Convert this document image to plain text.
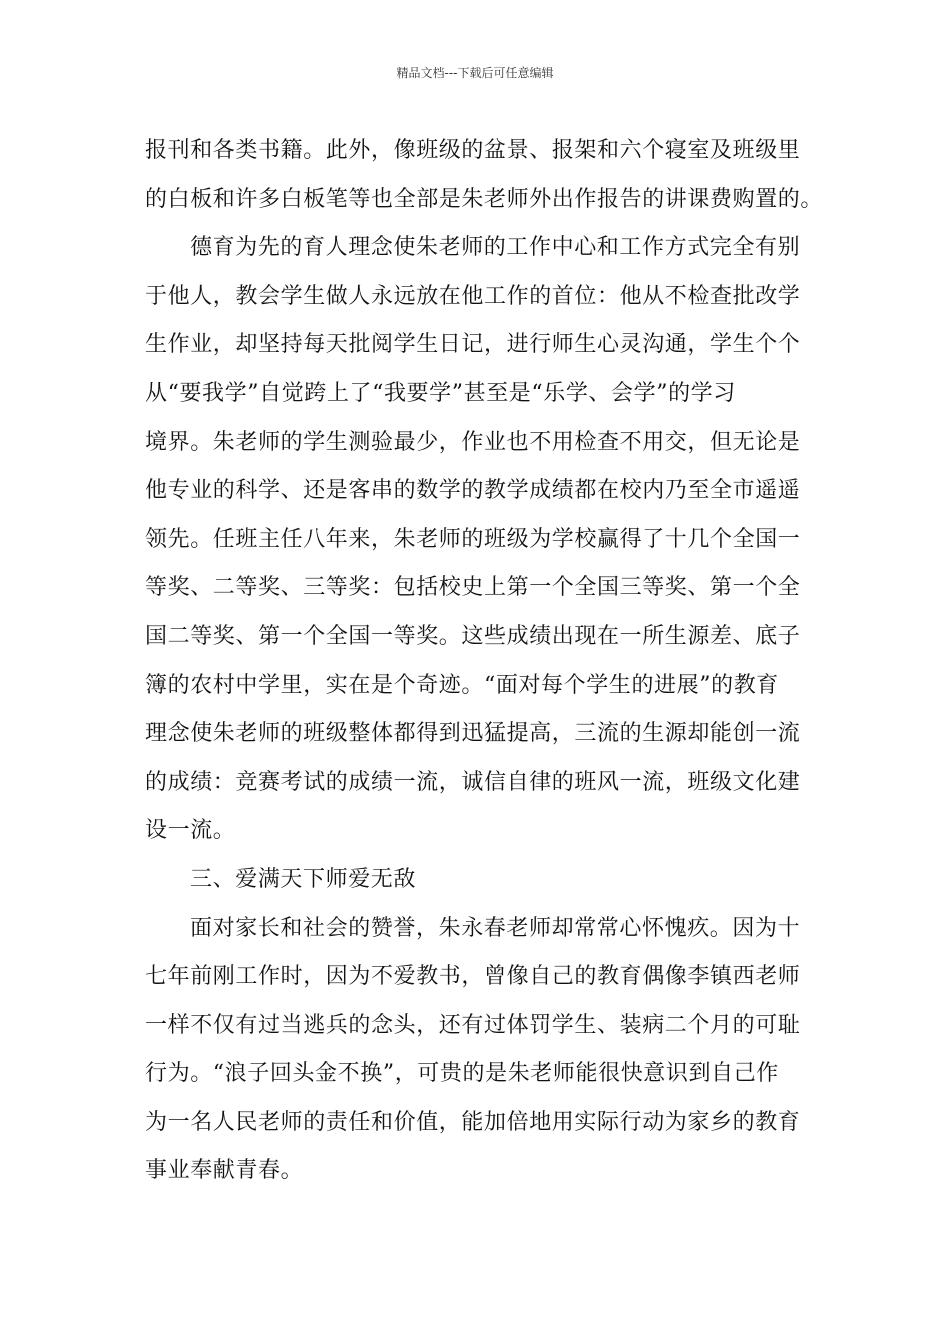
精品文档---下载后可任意编辑
报刊和各类书籍。此外，像班级的盆景、报架和六个寝室及班级里
的白板和许多白板笔等也全部是朱老师外出作报告的讲课费购置的。
德育为先的育人理念使朱老师的工作中心和工作方式完全有别
于他人，教会学生做人永远放在他工作的首位：他从不检查批改学
生作业，却坚持每天批阅学生日记，进行师生心灵沟通，学生个个
从“要我学”自觉跨上了“我要学”甚至是“乐学、会学”的学习
境界。朱老师的学生测验最少，作业也不用检查不用交，但无论是
他专业的科学、还是客串的数学的教学成绩都在校内乃至全市遥遥
领先。任班主任八年来，朱老师的班级为学校赢得了十几个全国一
等奖、二等奖、三等奖：包括校史上第一个全国三等奖、第一个全
国二等奖、第一个全国一等奖。这些成绩出现在一所生源差、底子
簿的农村中学里，实在是个奇迹。“面对每个学生的进展”的教育
理念使朱老师的班级整体都得到迅猛提高，三流的生源却能创一流
的成绩：竞赛考试的成绩一流，诚信自律的班风一流，班级文化建
设一流。
三、爱满天下师爱无敌
面对家长和社会的赞誉，朱永春老师却常常心怀愧疚。因为十
七年前刚工作时，因为不爱教书，曾像自己的教育偶像李镇西老师
一样不仅有过当逃兵的念头，还有过体罚学生、装病二个月的可耻
行为。“浪子回头金不换”，可贵的是朱老师能很快意识到自己作
为一名人民老师的责任和价值，能加倍地用实际行动为家乡的教育
事业奉献青春。
